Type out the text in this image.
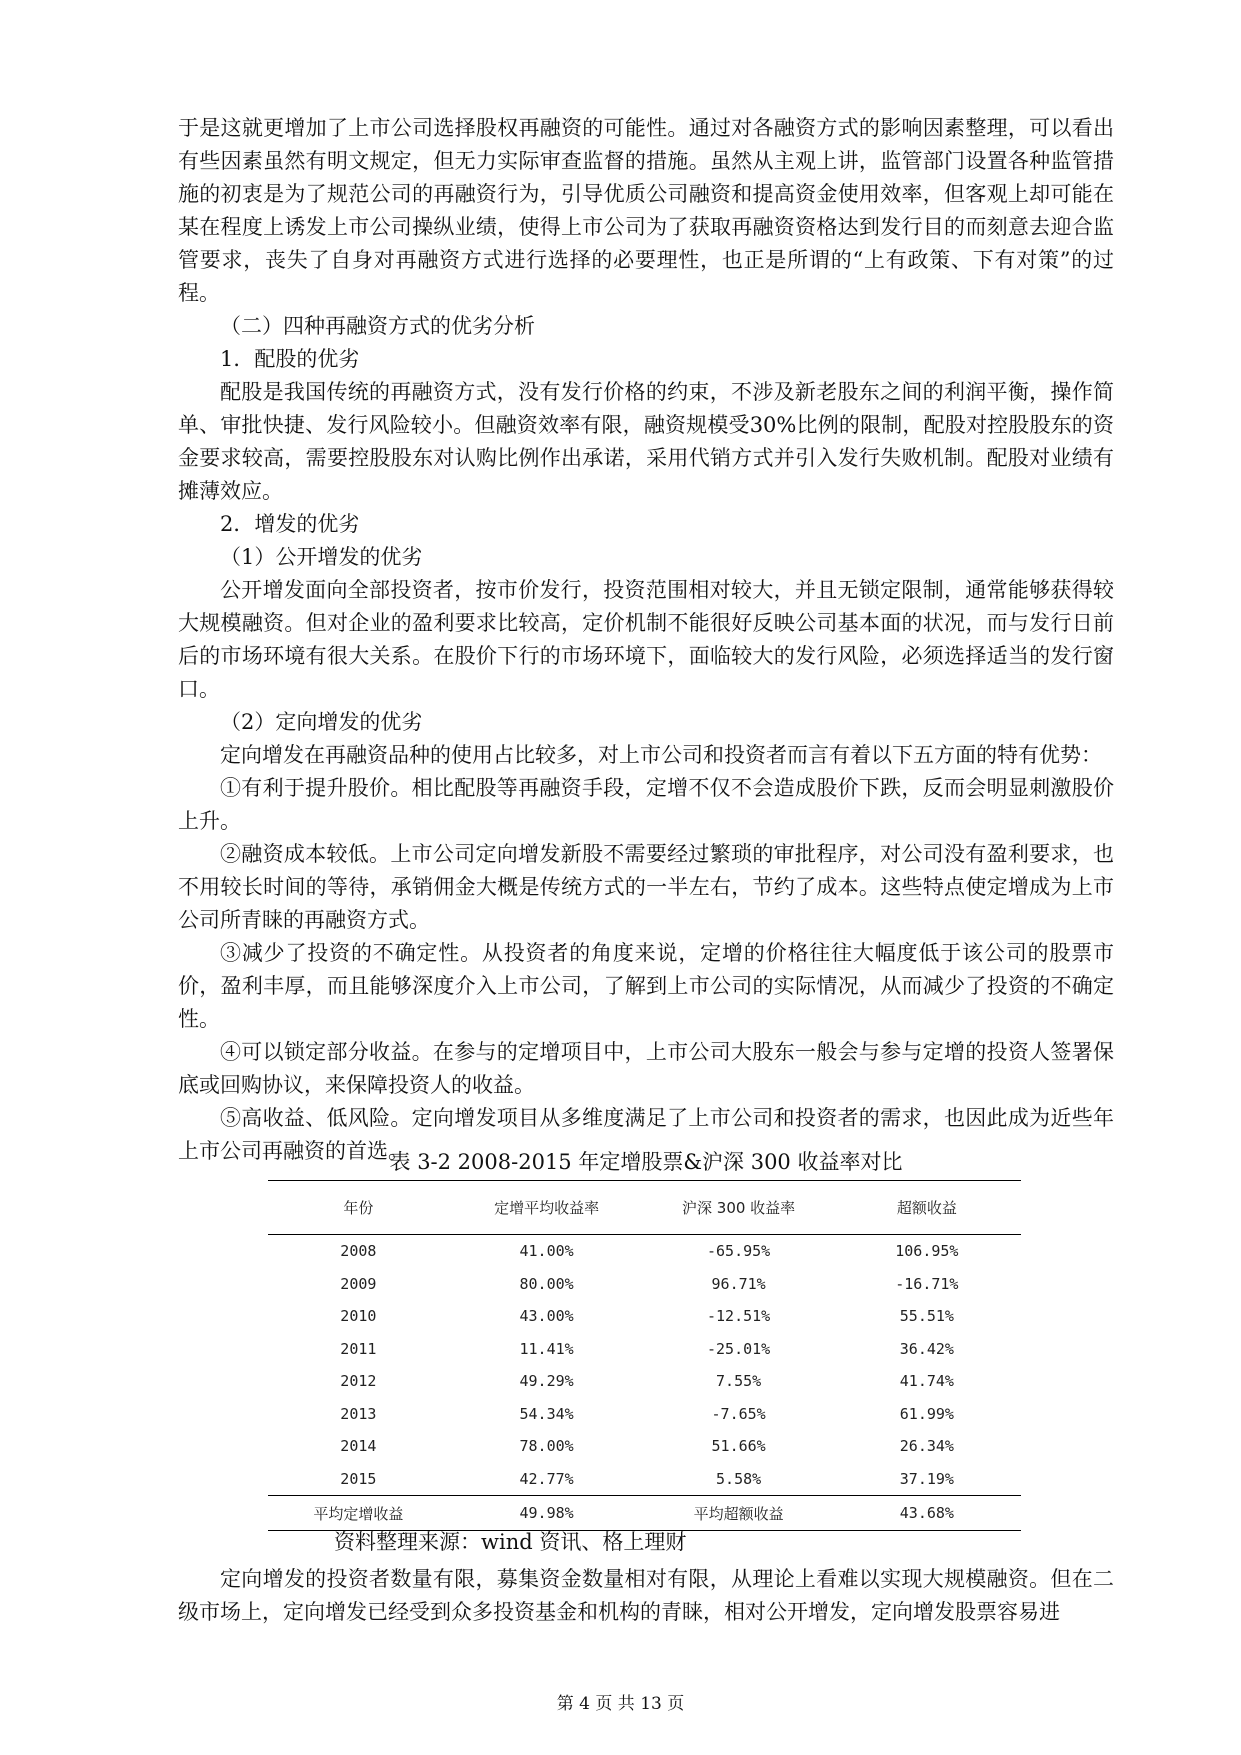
于是这就更增加了上市公司选择股权再融资的可能性。通过对各融资方式的影响因素整理，可以看出有些因素虽然有明文规定，但无力实际审查监督的措施。虽然从主观上讲，监管部门设置各种监管措施的初衷是为了规范公司的再融资行为，引导优质公司融资和提高资金使用效率，但客观上却可能在某在程度上诱发上市公司操纵业绩，使得上市公司为了获取再融资资格达到发行目的而刻意去迎合监管要求，丧失了自身对再融资方式进行选择的必要理性，也正是所谓的“上有政策、下有对策”的过程。

（二）四种再融资方式的优劣分析

1．配股的优劣

配股是我国传统的再融资方式，没有发行价格的约束，不涉及新老股东之间的利润平衡，操作简单、审批快捷、发行风险较小。但融资效率有限，融资规模受30%比例的限制，配股对控股股东的资金要求较高，需要控股股东对认购比例作出承诺，采用代销方式并引入发行失败机制。配股对业绩有摊薄效应。

2．增发的优劣

（1）公开增发的优劣

公开增发面向全部投资者，按市价发行，投资范围相对较大，并且无锁定限制，通常能够获得较大规模融资。但对企业的盈利要求比较高，定价机制不能很好反映公司基本面的状况，而与发行日前后的市场环境有很大关系。在股价下行的市场环境下，面临较大的发行风险，必须选择适当的发行窗口。

（2）定向增发的优劣

定向增发在再融资品种的使用占比较多，对上市公司和投资者而言有着以下五方面的特有优势：

①有利于提升股价。相比配股等再融资手段，定增不仅不会造成股价下跌，反而会明显刺激股价上升。

②融资成本较低。上市公司定向增发新股不需要经过繁琐的审批程序，对公司没有盈利要求，也不用较长时间的等待，承销佣金大概是传统方式的一半左右，节约了成本。这些特点使定增成为上市公司所青睐的再融资方式。

③减少了投资的不确定性。从投资者的角度来说，定增的价格往往大幅度低于该公司的股票市价，盈利丰厚，而且能够深度介入上市公司，了解到上市公司的实际情况，从而减少了投资的不确定性。

④可以锁定部分收益。在参与的定增项目中，上市公司大股东一般会与参与定增的投资人签署保底或回购协议，来保障投资人的收益。

⑤高收益、低风险。定向增发项目从多维度满足了上市公司和投资者的需求，也因此成为近些年上市公司再融资的首选。

表 3-2 2008-2015 年定增股票&沪深 300 收益率对比
年份	定增平均收益率	沪深 300 收益率	超额收益
2008	41.00%	-65.95%	106.95%
2009	80.00%	96.71%	-16.71%
2010	43.00%	-12.51%	55.51%
2011	11.41%	-25.01%	36.42%
2012	49.29%	7.55%	41.74%
2013	54.34%	-7.65%	61.99%
2014	78.00%	51.66%	26.34%
2015	42.77%	5.58%	37.19%
平均定增收益	49.98%	平均超额收益	43.68%
资料整理来源：wind 资讯、格上理财

定向增发的投资者数量有限，募集资金数量相对有限，从理论上看难以实现大规模融资。但在二级市场上，定向增发已经受到众多投资基金和机构的青睐，相对公开增发，定向增发股票容易进

第 4 页 共 13 页
